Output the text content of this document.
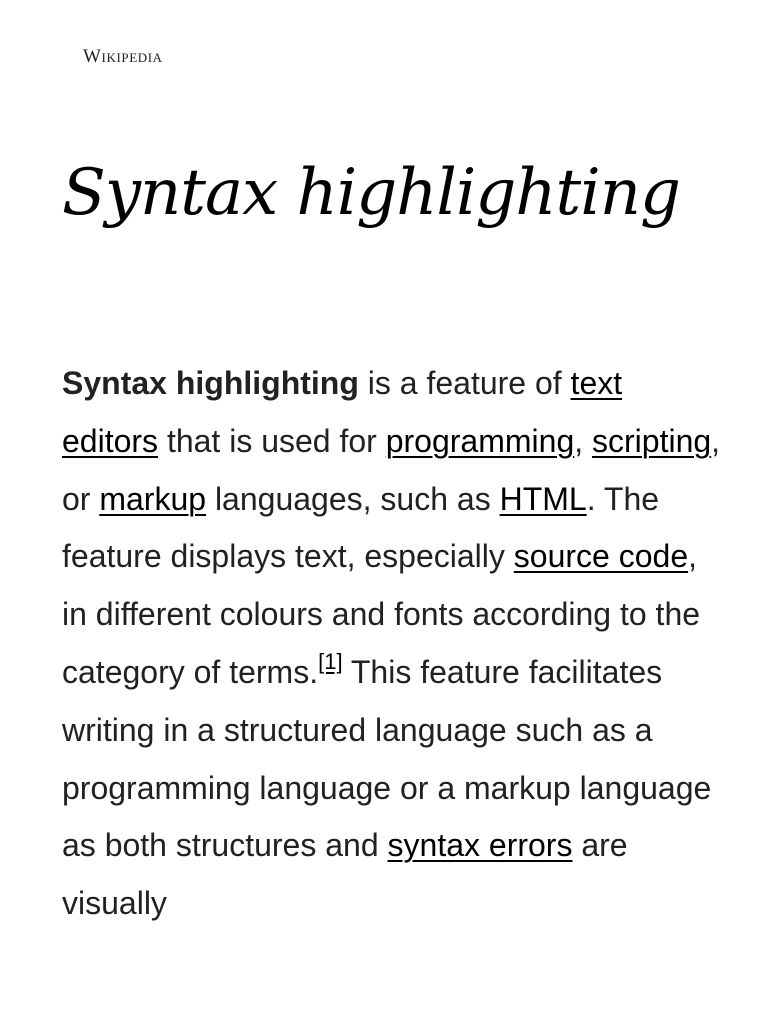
Wikipedia
Syntax highlighting

Syntax highlighting is a feature of text editors that is used for programming, scripting, or markup languages, such as HTML. The feature displays text, especially source code, in different colours and fonts according to the category of terms.[1] This feature facilitates writing in a structured language such as a programming language or a markup language as both structures and syntax errors are visually
